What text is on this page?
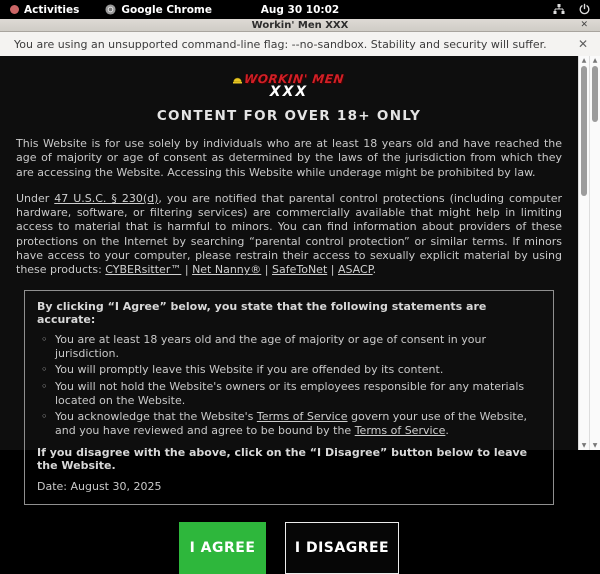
Activities	Google Chrome	Aug 30 10:02
Workin' Men XXX	✕
You are using an unsupported command-line flag: --no-sandbox. Stability and security will suffer.	✕
WORKIN' MEN
XXX
CONTENT FOR OVER 18+ ONLY

This Website is for use solely by individuals who are at least 18 years old and have reached the age of majority or age of consent as determined by the laws of the jurisdiction from which they are accessing the Website. Accessing this Website while underage might be prohibited by law.

Under 47 U.S.C. § 230(d), you are notified that parental control protections (including computer hardware, software, or filtering services) are commercially available that might help in limiting access to material that is harmful to minors. You can find information about providers of these protections on the Internet by searching “parental control protection” or similar terms. If minors have access to your computer, please restrain their access to sexually explicit material by using these products: CYBERsitter™ | Net Nanny® | SafeToNet | ASACP.

By clicking “I Agree” below, you state that the following statements are accurate:
◦ You are at least 18 years old and the age of majority or age of consent in your jurisdiction.
◦ You will promptly leave this Website if you are offended by its content.
◦ You will not hold the Website's owners or its employees responsible for any materials located on the Website.
◦ You acknowledge that the Website's Terms of Service govern your use of the Website, and you have reviewed and agree to be bound by the Terms of Service.
If you disagree with the above, click on the “I Disagree” button below to leave the Website.
Date: August 30, 2025
I AGREE	I DISAGREE
▲
▼
▲
▼
